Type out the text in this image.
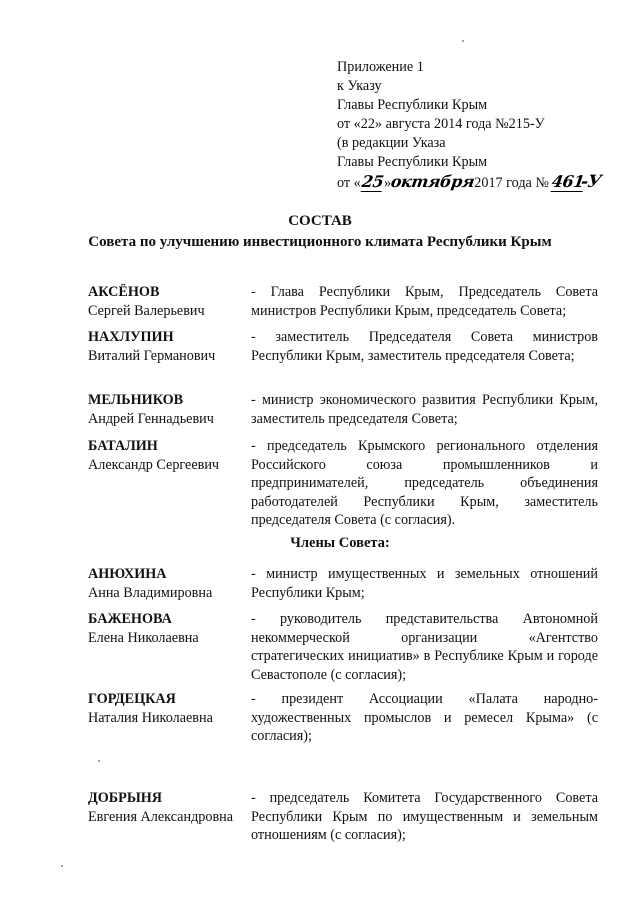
Приложение 1
к Указу
Главы Республики Крым
от «22» августа 2014 года №215-У
(в редакции Указа
Главы Республики Крым
от « 25 »
октября
2017 года № 461
-У
СОСТАВ
Совета по улучшению инвестиционного климата Республики Крым
АКСЁНОВ
Сергей Валерьевич
- Глава Республики Крым, Председатель Совета министров Республики Крым, председатель Совета;
НАХЛУПИН
Виталий Германович
- заместитель Председателя Совета министров Республики Крым, заместитель председателя Совета;
МЕЛЬНИКОВ
Андрей Геннадьевич
- министр экономического развития Республики Крым, заместитель председателя Совета;
БАТАЛИН
Александр Сергеевич
- председатель Крымского регионального отделения Российского союза промышленников и предпринимателей, председатель объединения работодателей Республики Крым, заместитель председателя Совета (с согласия).
Члены Совета:
АНЮХИНА
Анна Владимировна
- министр имущественных и земельных отношений Республики Крым;
БАЖЕНОВА
Елена Николаевна
- руководитель представительства Автономной некоммерческой организации «Агентство стратегических инициатив» в Республике Крым и городе Севастополе (с согласия);
ГОРДЕЦКАЯ
Наталия Николаевна
- президент Ассоциации «Палата народно-художественных промыслов и ремесел Крыма» (с согласия);
ДОБРЫНЯ
Евгения Александровна
- председатель Комитета Государственного Совета Республики Крым по имущественным и земельным отношениям (с согласия);
